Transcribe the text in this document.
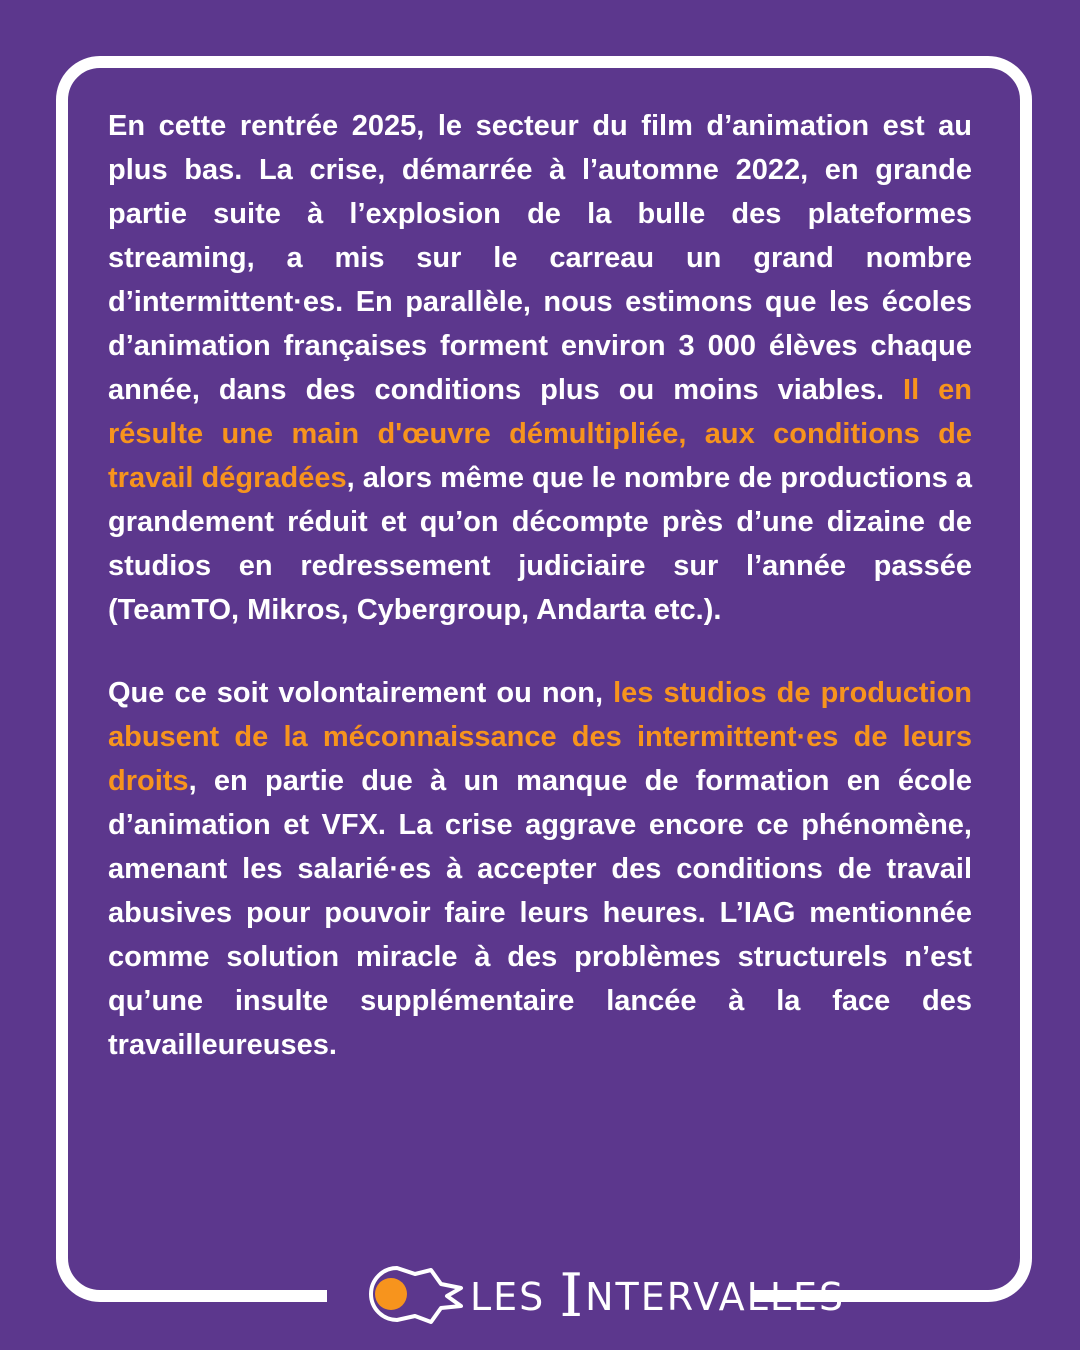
En cette rentrée 2025, le secteur du film d’animation est au plus bas. La crise, démarrée à l’automne 2022, en grande partie suite à l’explosion de la bulle des plateformes streaming, a mis sur le carreau un grand nombre d’intermittent·es. En parallèle, nous estimons que les écoles d’animation françaises forment environ 3 000 élèves chaque année, dans des conditions plus ou moins viables. Il en résulte une main d'œuvre démultipliée, aux conditions de travail dégradées, alors même que le nombre de productions a grandement réduit et qu’on décompte près d’une dizaine de studios en redressement judiciaire sur l’année passée (TeamTO, Mikros, Cybergroup, Andarta etc.).

Que ce soit volontairement ou non, les studios de production abusent de la méconnaissance des intermittent·es de leurs droits, en partie due à un manque de formation en école d’animation et VFX. La crise aggrave encore ce phénomène, amenant les salarié·es à accepter des conditions de travail abusives pour pouvoir faire leurs heures. L’IAG mentionnée comme solution miracle à des problèmes structurels n’est qu’une insulte supplémentaire lancée à la face des travailleureuses.

LES INTERVALLES
